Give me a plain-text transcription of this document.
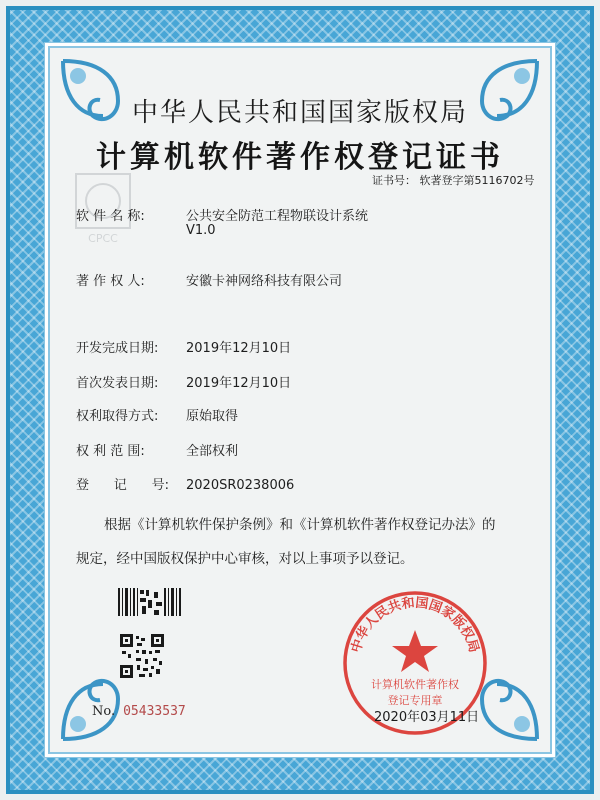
中华人民共和国国家版权局
计算机软件著作权登记证书
证书号： 软著登字第5116702号
CPCC
软 件 名 称:	公共安全防范工程物联设计系统
V1.0
著 作 权 人:	安徽卡神网络科技有限公司
开发完成日期: 2019年12月10日
首次发表日期: 2019年12月10日
权利取得方式: 原始取得
权 利 范 围:	全部权利
登      记      号: 2020SR0238006
根据《计算机软件保护条例》和《计算机软件著作权登记办法》的
规定，经中国版权保护中心审核，对以上事项予以登记。
No. 05433537
中华人民共和国国家版权局
计算机软件著作权
登记专用章
2020年03月11日
